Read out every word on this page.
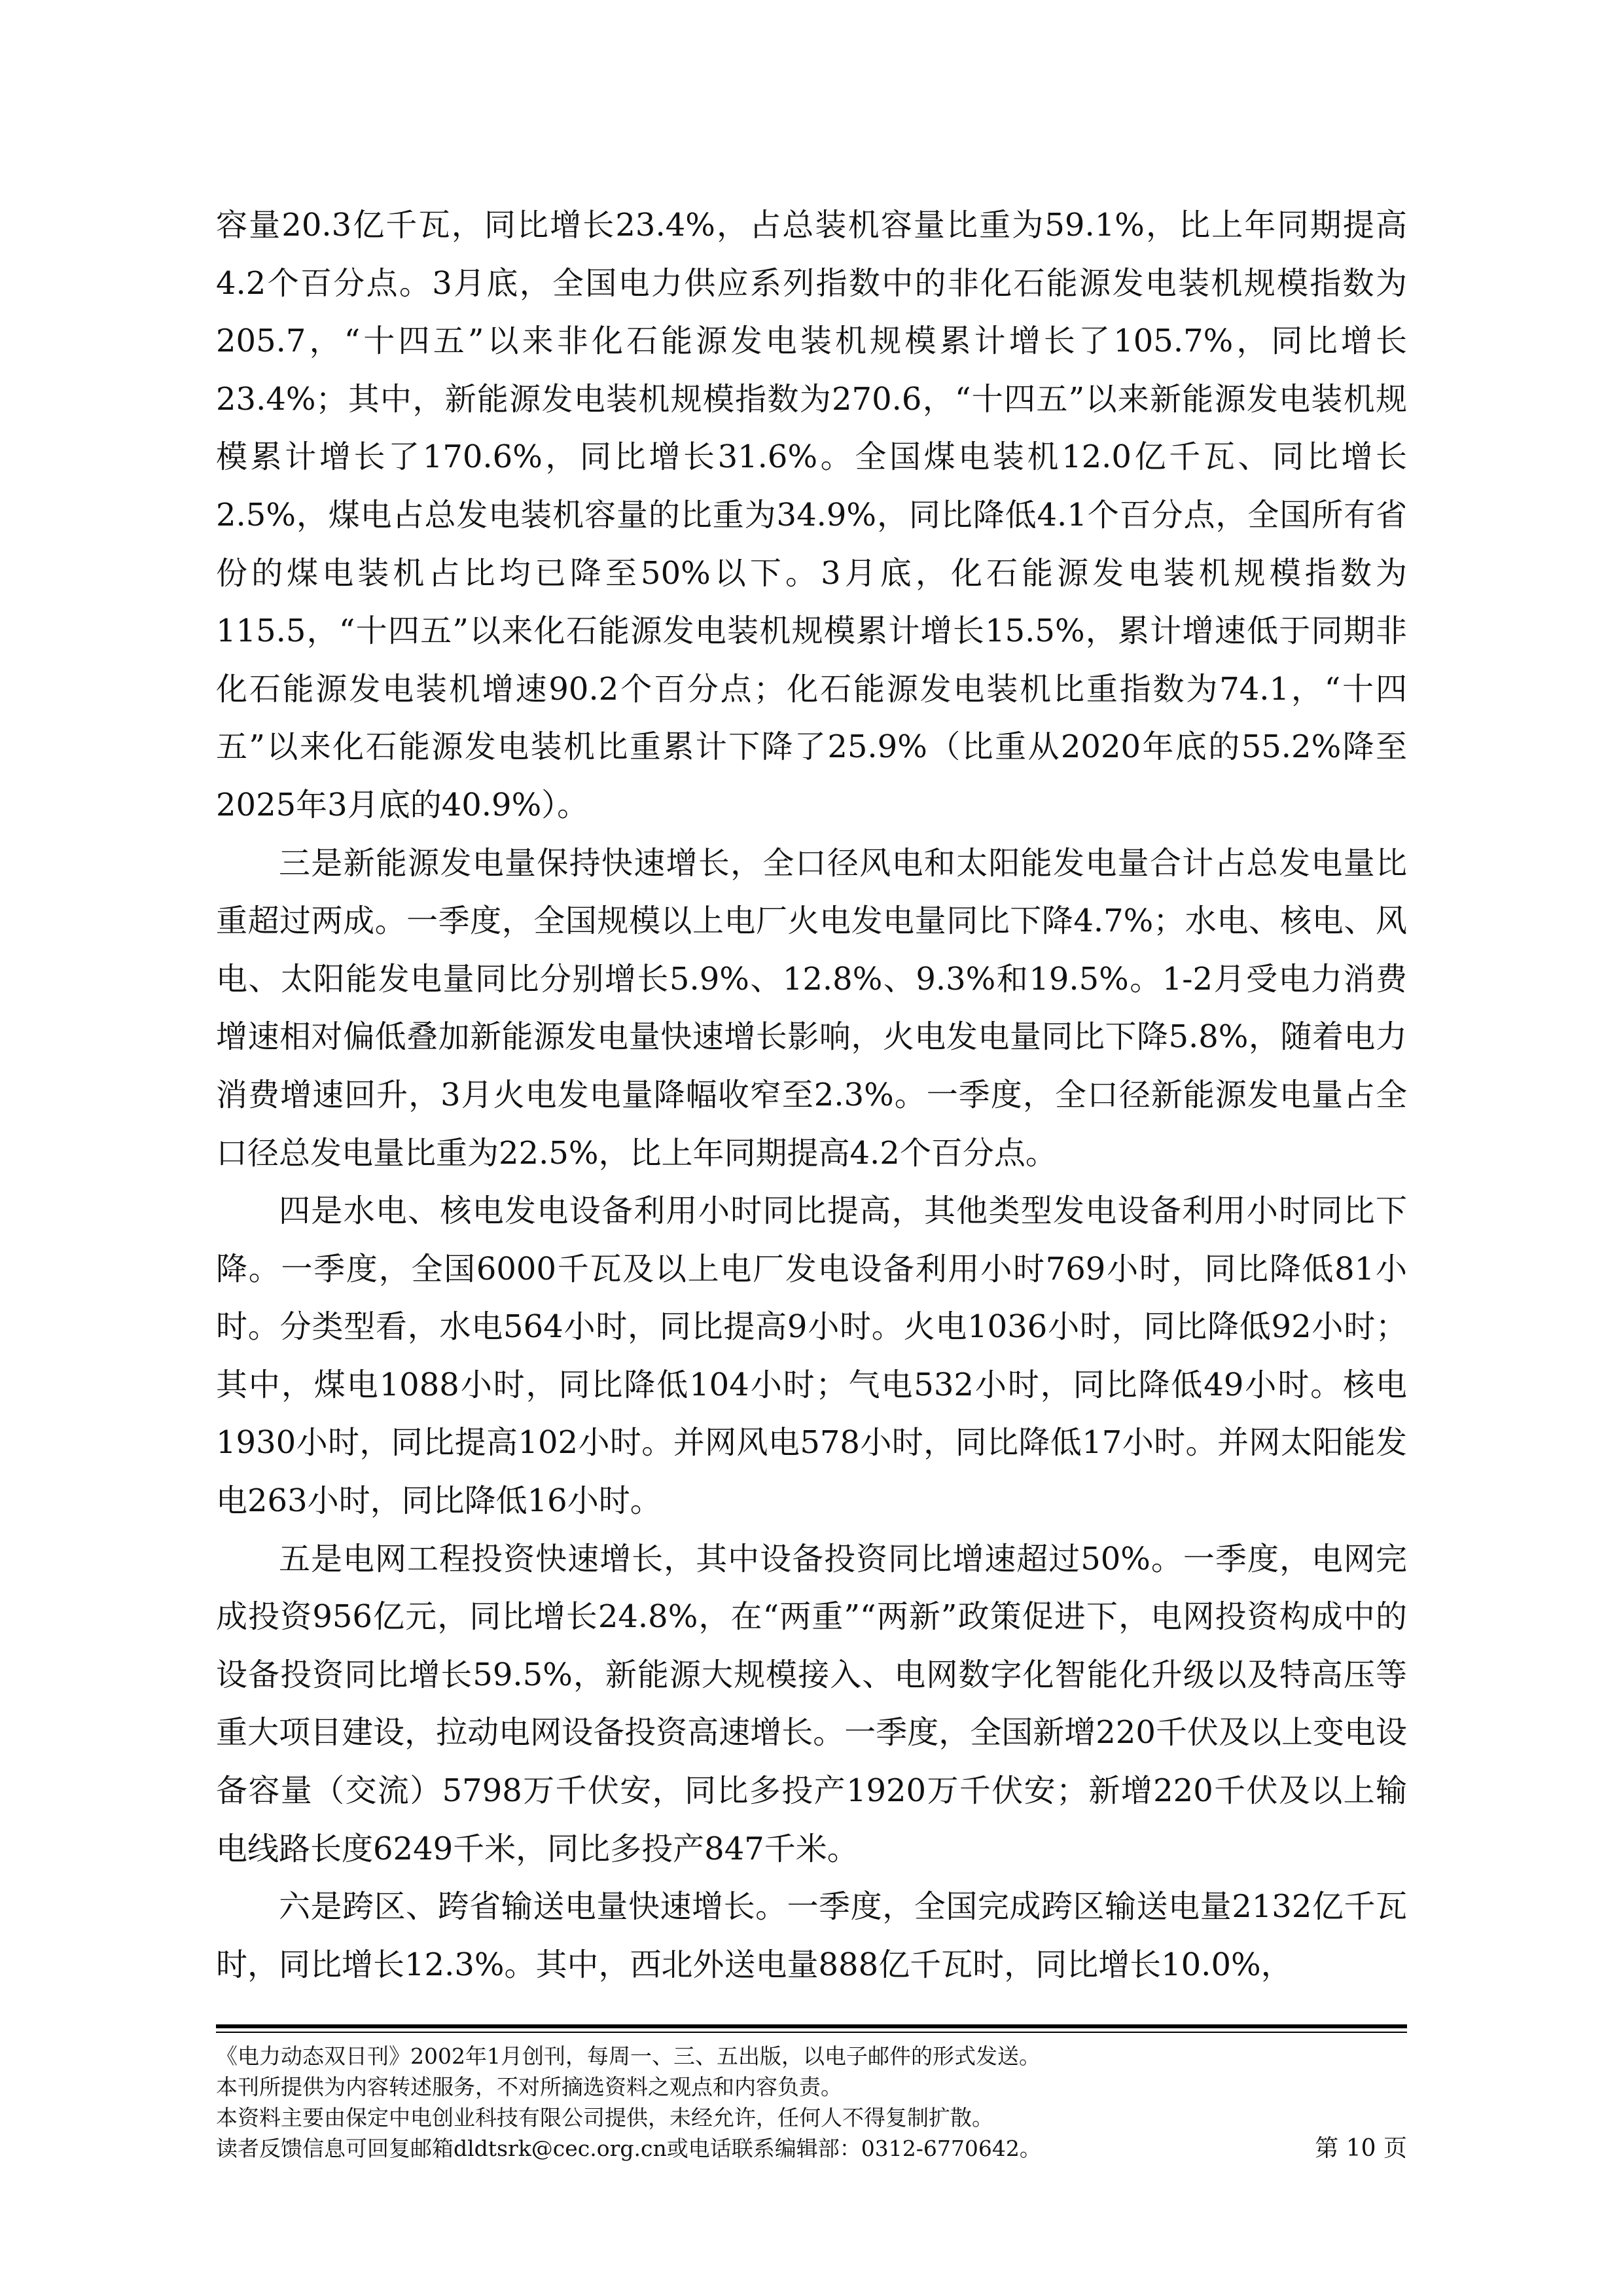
容量20.3亿千瓦，同比增长23.4%，占总装机容量比重为59.1%，比上年同期提高4.2个百分点。3月底，全国电力供应系列指数中的非化石能源发电装机规模指数为205.7，“十四五”以来非化石能源发电装机规模累计增长了105.7%，同比增长23.4%；其中，新能源发电装机规模指数为270.6，“十四五”以来新能源发电装机规模累计增长了170.6%，同比增长31.6%。全国煤电装机12.0亿千瓦、同比增长2.5%，煤电占总发电装机容量的比重为34.9%，同比降低4.1个百分点，全国所有省份的煤电装机占比均已降至50%以下。3月底，化石能源发电装机规模指数为115.5，“十四五”以来化石能源发电装机规模累计增长15.5%，累计增速低于同期非化石能源发电装机增速90.2个百分点；化石能源发电装机比重指数为74.1，“十四五”以来化石能源发电装机比重累计下降了25.9%（比重从2020年底的55.2%降至2025年3月底的40.9%）。

三是新能源发电量保持快速增长，全口径风电和太阳能发电量合计占总发电量比重超过两成。一季度，全国规模以上电厂火电发电量同比下降4.7%；水电、核电、风电、太阳能发电量同比分别增长5.9%、12.8%、9.3%和19.5%。1-2月受电力消费增速相对偏低叠加新能源发电量快速增长影响，火电发电量同比下降5.8%，随着电力消费增速回升，3月火电发电量降幅收窄至2.3%。一季度，全口径新能源发电量占全口径总发电量比重为22.5%，比上年同期提高4.2个百分点。

四是水电、核电发电设备利用小时同比提高，其他类型发电设备利用小时同比下降。一季度，全国6000千瓦及以上电厂发电设备利用小时769小时，同比降低81小时。分类型看，水电564小时，同比提高9小时。火电1036小时，同比降低92小时；其中，煤电1088小时，同比降低104小时；气电532小时，同比降低49小时。核电1930小时，同比提高102小时。并网风电578小时，同比降低17小时。并网太阳能发电263小时，同比降低16小时。

五是电网工程投资快速增长，其中设备投资同比增速超过50%。一季度，电网完成投资956亿元，同比增长24.8%，在“两重”“两新”政策促进下，电网投资构成中的设备投资同比增长59.5%，新能源大规模接入、电网数字化智能化升级以及特高压等重大项目建设，拉动电网设备投资高速增长。一季度，全国新增220千伏及以上变电设备容量（交流）5798万千伏安，同比多投产1920万千伏安；新增220千伏及以上输电线路长度6249千米，同比多投产847千米。

六是跨区、跨省输送电量快速增长。一季度，全国完成跨区输送电量2132亿千瓦时，同比增长12.3%。其中，西北外送电量888亿千瓦时，同比增长10.0%，

《电力动态双日刊》2002年1月创刊，每周一、三、五出版，以电子邮件的形式发送。

本刊所提供为内容转述服务，不对所摘选资料之观点和内容负责。

本资料主要由保定中电创业科技有限公司提供，未经允许，任何人不得复制扩散。

读者反馈信息可回复邮箱dldtsrk@cec.org.cn或电话联系编辑部：0312-6770642。	第 10 页
